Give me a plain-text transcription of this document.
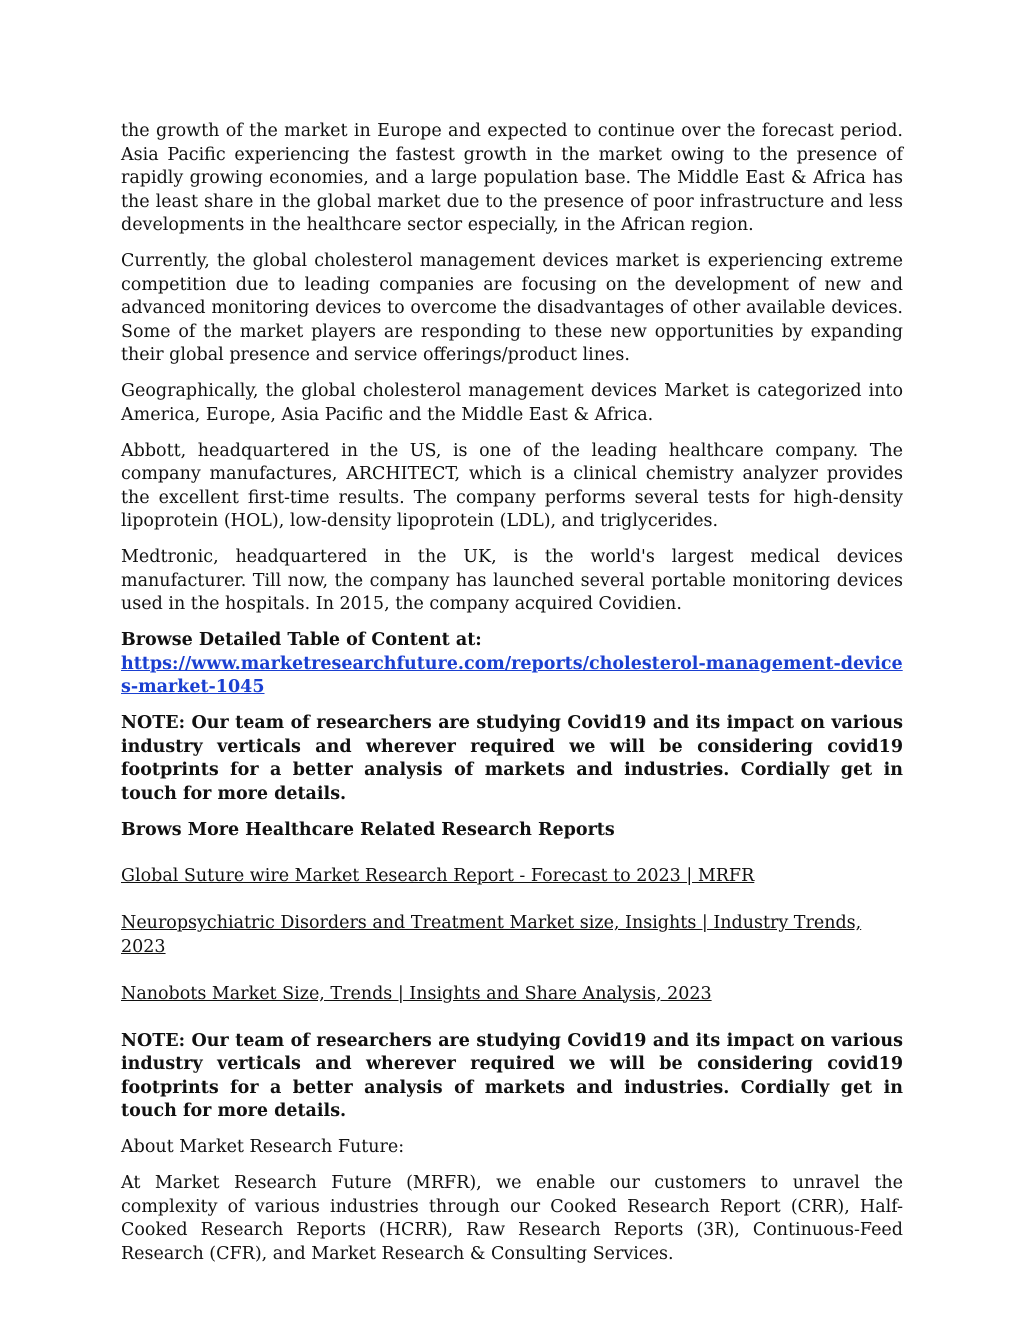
the growth of the market in Europe and expected to continue over the forecast period. Asia Pacific experiencing the fastest growth in the market owing to the presence of rapidly growing economies, and a large population base. The Middle East & Africa has the least share in the global market due to the presence of poor infrastructure and less developments in the healthcare sector especially, in the African region.

Currently, the global cholesterol management devices market is experiencing extreme competition due to leading companies are focusing on the development of new and advanced monitoring devices to overcome the disadvantages of other available devices. Some of the market players are responding to these new opportunities by expanding their global presence and service offerings/product lines.

Geographically, the global cholesterol management devices Market is categorized into America, Europe, Asia Pacific and the Middle East & Africa.

Abbott, headquartered in the US, is one of the leading healthcare company. The company manufactures, ARCHITECT, which is a clinical chemistry analyzer provides the excellent first-time results. The company performs several tests for high-density lipoprotein (HOL), low-density lipoprotein (LDL), and triglycerides.

Medtronic, headquartered in the UK, is the world's largest medical devices manufacturer. Till now, the company has launched several portable monitoring devices used in the hospitals. In 2015, the company acquired Covidien.

Browse Detailed Table of Content at:
https://www.marketresearchfuture.com/reports/cholesterol-management-devices-market-1045

NOTE: Our team of researchers are studying Covid19 and its impact on various industry verticals and wherever required we will be considering covid19 footprints for a better analysis of markets and industries. Cordially get in touch for more details.

Brows More Healthcare Related Research Reports

Global Suture wire Market Research Report - Forecast to 2023 | MRFR
Neuropsychiatric Disorders and Treatment Market size, Insights | Industry Trends, 2023
Nanobots Market Size, Trends | Insights and Share Analysis, 2023

NOTE: Our team of researchers are studying Covid19 and its impact on various industry verticals and wherever required we will be considering covid19 footprints for a better analysis of markets and industries. Cordially get in touch for more details.

About Market Research Future:

At Market Research Future (MRFR), we enable our customers to unravel the complexity of various industries through our Cooked Research Report (CRR), Half-Cooked Research Reports (HCRR), Raw Research Reports (3R), Continuous-Feed Research (CFR), and Market Research & Consulting Services.
